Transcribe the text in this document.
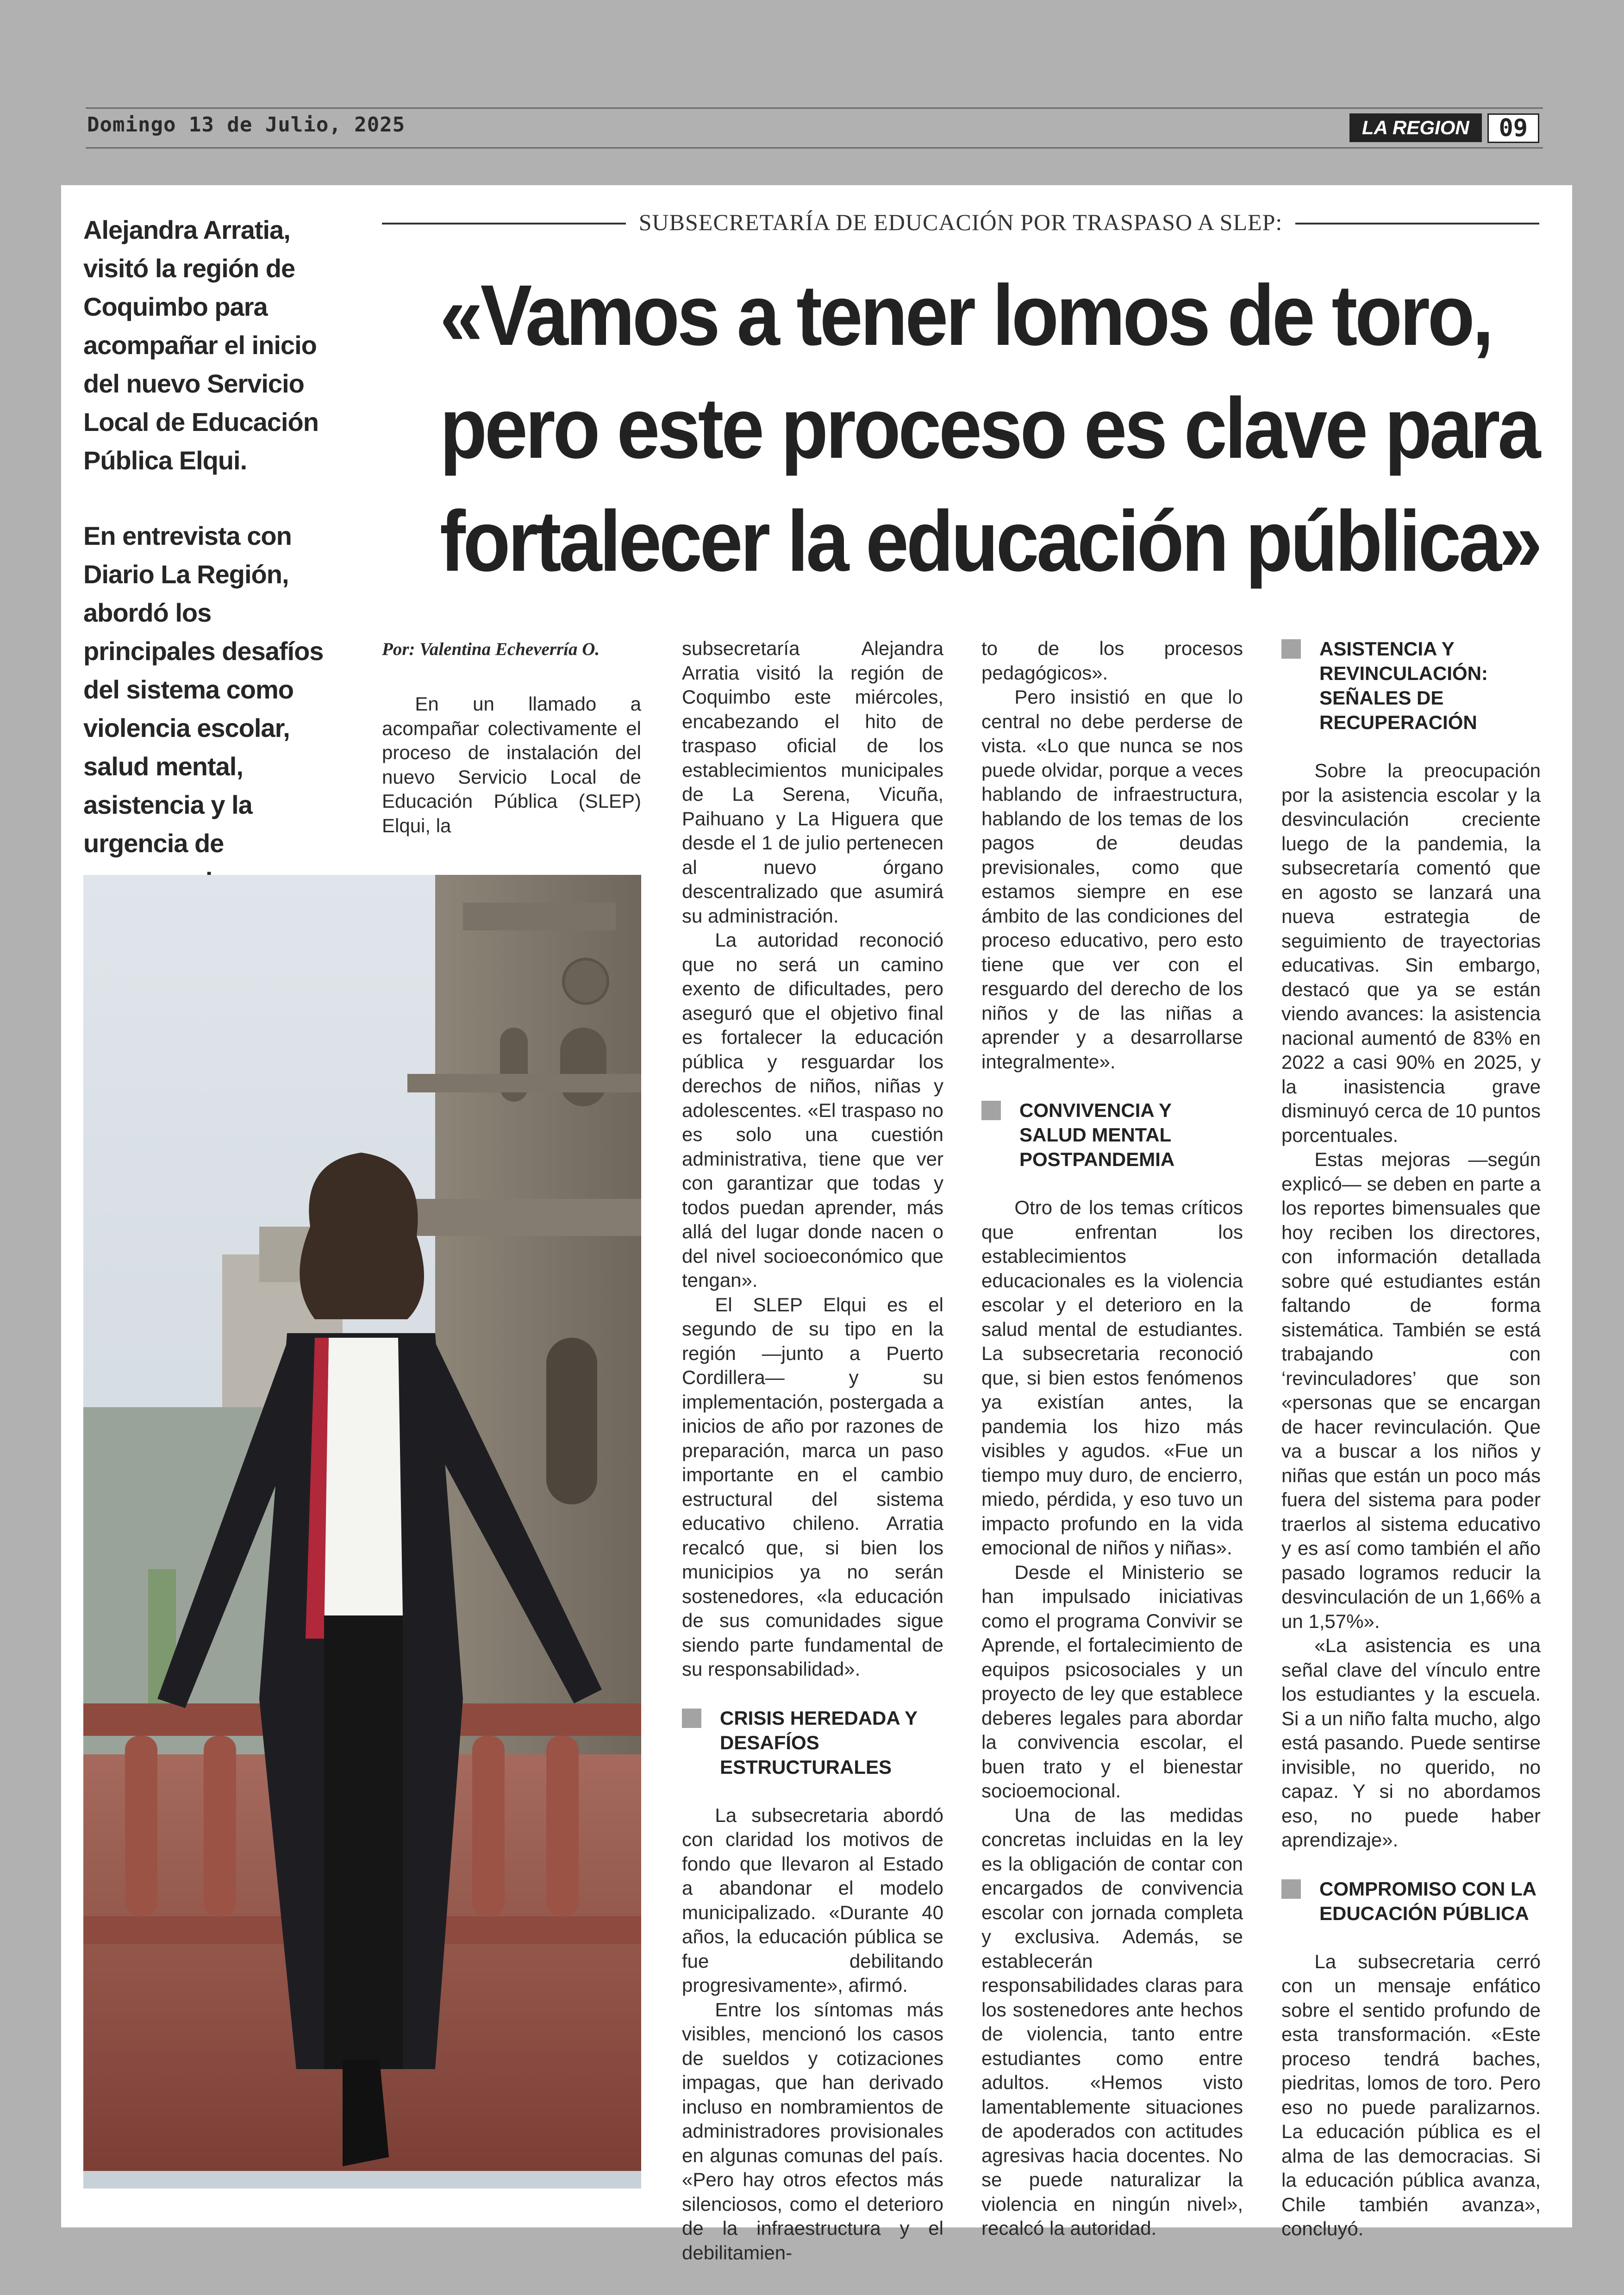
Domingo 13 de Julio, 2025	LA REGION	09

Alejandra Arratia, visitó la región de Coquimbo para acompañar el inicio del nuevo Servicio Local de Educación Pública Elqui.

En entrevista con Diario La Región, abordó los principales desafíos del sistema como violencia escolar, salud mental, asistencia y la urgencia de

SUBSECRETARÍA DE EDUCACIÓN POR TRASPASO A SLEP:
«Vamos a tener lomos de toro,
pero este proceso es clave para
fortalecer la educación pública»
Por: Valentina Echeverría O.

En un llamado a acompañar colectivamente el proceso de instalación del nuevo Servicio Local de Educación Pública (SLEP) Elqui, la

subsecretaría Alejandra Arratia visitó la región de Coquimbo este miércoles, encabezando el hito de traspaso oficial de los establecimientos municipales de La Serena, Vicuña, Paihuano y La Higuera que desde el 1 de julio pertenecen al nuevo órgano descentralizado que asumirá su administración.

La autoridad reconoció que no será un camino exento de dificultades, pero aseguró que el objetivo final es fortalecer la educación pública y resguardar los derechos de niños, niñas y adolescentes. «El traspaso no es solo una cuestión administrativa, tiene que ver con garantizar que todas y todos puedan aprender, más allá del lugar donde nacen o del nivel socioeconómico que tengan».

El SLEP Elqui es el segundo de su tipo en la región —junto a Puerto Cordillera— y su implementación, postergada a inicios de año por razones de preparación, marca un paso importante en el cambio estructural del sistema educativo chileno. Arratia recalcó que, si bien los municipios ya no serán sostenedores, «la educación de sus comunidades sigue siendo parte fundamental de su responsabilidad».

CRISIS HEREDADA Y DESAFÍOS ESTRUCTURALES

La subsecretaria abordó con claridad los motivos de fondo que llevaron al Estado a abandonar el modelo municipalizado. «Durante 40 años, la educación pública se fue debilitando progresivamente», afirmó.

Entre los síntomas más visibles, mencionó los casos de sueldos y cotizaciones impagas, que han derivado incluso en nombramientos de administradores provisionales en algunas comunas del país. «Pero hay otros efectos más silenciosos, como el deterioro de la infraestructura y el debilitamien-

to de los procesos pedagógicos».

Pero insistió en que lo central no debe perderse de vista. «Lo que nunca se nos puede olvidar, porque a veces hablando de infraestructura, hablando de los temas de los pagos de deudas previsionales, como que estamos siempre en ese ámbito de las condiciones del proceso educativo, pero esto tiene que ver con el resguardo del derecho de los niños y de las niñas a aprender y a desarrollarse integralmente».

CONVIVENCIA Y SALUD MENTAL POSTPANDEMIA

Otro de los temas críticos que enfrentan los establecimientos educacionales es la violencia escolar y el deterioro en la salud mental de estudiantes. La subsecretaria reconoció que, si bien estos fenómenos ya existían antes, la pandemia los hizo más visibles y agudos. «Fue un tiempo muy duro, de encierro, miedo, pérdida, y eso tuvo un impacto profundo en la vida emocional de niños y niñas».

Desde el Ministerio se han impulsado iniciativas como el programa Convivir se Aprende, el fortalecimiento de equipos psicosociales y un proyecto de ley que establece deberes legales para abordar la convivencia escolar, el buen trato y el bienestar socioemocional.

Una de las medidas concretas incluidas en la ley es la obligación de contar con encargados de convivencia escolar con jornada completa y exclusiva. Además, se establecerán responsabilidades claras para los sostenedores ante hechos de violencia, tanto entre estudiantes como entre adultos. «Hemos visto lamentablemente situaciones de apoderados con actitudes agresivas hacia docentes. No se puede naturalizar la violencia en ningún nivel», recalcó la autoridad.

ASISTENCIA Y REVINCULACIÓN: SEÑALES DE RECUPERACIÓN

Sobre la preocupación por la asistencia escolar y la desvinculación creciente luego de la pandemia, la subsecretaría comentó que en agosto se lanzará una nueva estrategia de seguimiento de trayectorias educativas. Sin embargo, destacó que ya se están viendo avances: la asistencia nacional aumentó de 83% en 2022 a casi 90% en 2025, y la inasistencia grave disminuyó cerca de 10 puntos porcentuales.

Estas mejoras —según explicó— se deben en parte a los reportes bimensuales que hoy reciben los directores, con información detallada sobre qué estudiantes están faltando de forma sistemática. También se está trabajando con ‘revinculadores’ que son «personas que se encargan de hacer revinculación. Que va a buscar a los niños y niñas que están un poco más fuera del sistema para poder traerlos al sistema educativo y es así como también el año pasado logramos reducir la desvinculación de un 1,66% a un 1,57%».

«La asistencia es una señal clave del vínculo entre los estudiantes y la escuela. Si a un niño falta mucho, algo está pasando. Puede sentirse invisible, no querido, no capaz. Y si no abordamos eso, no puede haber aprendizaje».

COMPROMISO CON LA EDUCACIÓN PÚBLICA

La subsecretaria cerró con un mensaje enfático sobre el sentido profundo de esta transformación. «Este proceso tendrá baches, piedritas, lomos de toro. Pero eso no puede paralizarnos. La educación pública es el alma de las democracias. Si la educación pública avanza, Chile también avanza», concluyó.
